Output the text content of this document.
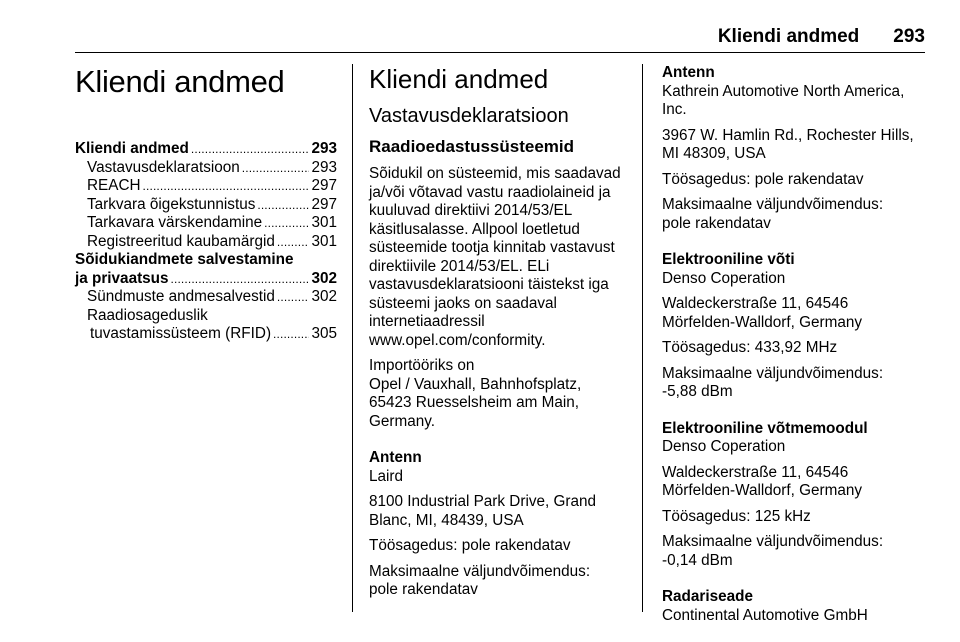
Kliendi andmed 293
Kliendi andmed
Kliendi andmed . . .	293
Vastavusdeklaratsioon . . .	293
REACH . . .	297
Tarkvara õigekstunnistus . . .	297
Tarkavara värskendamine . . .	301
Registreeritud kaubamärgid . . . 301
Sõidukiandmete salvestamine
ja privaatsus . . .	302
Sündmuste andmesalvestid . . . 302
Raadiosageduslik
tuvastamissüsteem (RFID) . . .	305
Kliendi andmed
Vastavusdeklaratsioon
Raadioedastussüsteemid
Sõidukil on süsteemid, mis saadavad
ja/või võtavad vastu raadiolaineid ja
kuuluvad direktiivi 2014/53/EL
käsitlusalasse. Allpool loetletud
süsteemide tootja kinnitab vastavust
direktiivile 2014/53/EL. ELi
vastavusdeklaratsiooni täistekst iga
süsteemi jaoks on saadaval
internetiaadressil
www.opel.com/conformity.
Importööriks on
Opel / Vauxhall, Bahnhofsplatz,
65423 Ruesselsheim am Main,
Germany.

Antenn

Laird
8100 Industrial Park Drive, Grand
Blanc, MI, 48439, USA
Töösagedus: pole rakendatav
Maksimaalne väljundvõimendus:
pole rakendatav

Antenn

Kathrein Automotive North America,
Inc.
3967 W. Hamlin Rd., Rochester Hills,
MI 48309, USA
Töösagedus: pole rakendatav
Maksimaalne väljundvõimendus:
pole rakendatav

Elektrooniline võti

Denso Coperation
Waldeckerstraße 11, 64546
Mörfelden-Walldorf, Germany
Töösagedus: 433,92 MHz
Maksimaalne väljundvõimendus:
-5,88 dBm

Elektrooniline võtmemoodul

Denso Coperation
Waldeckerstraße 11, 64546
Mörfelden-Walldorf, Germany
Töösagedus: 125 kHz
Maksimaalne väljundvõimendus:
-0,14 dBm

Radariseade

Continental Automotive GmbH
